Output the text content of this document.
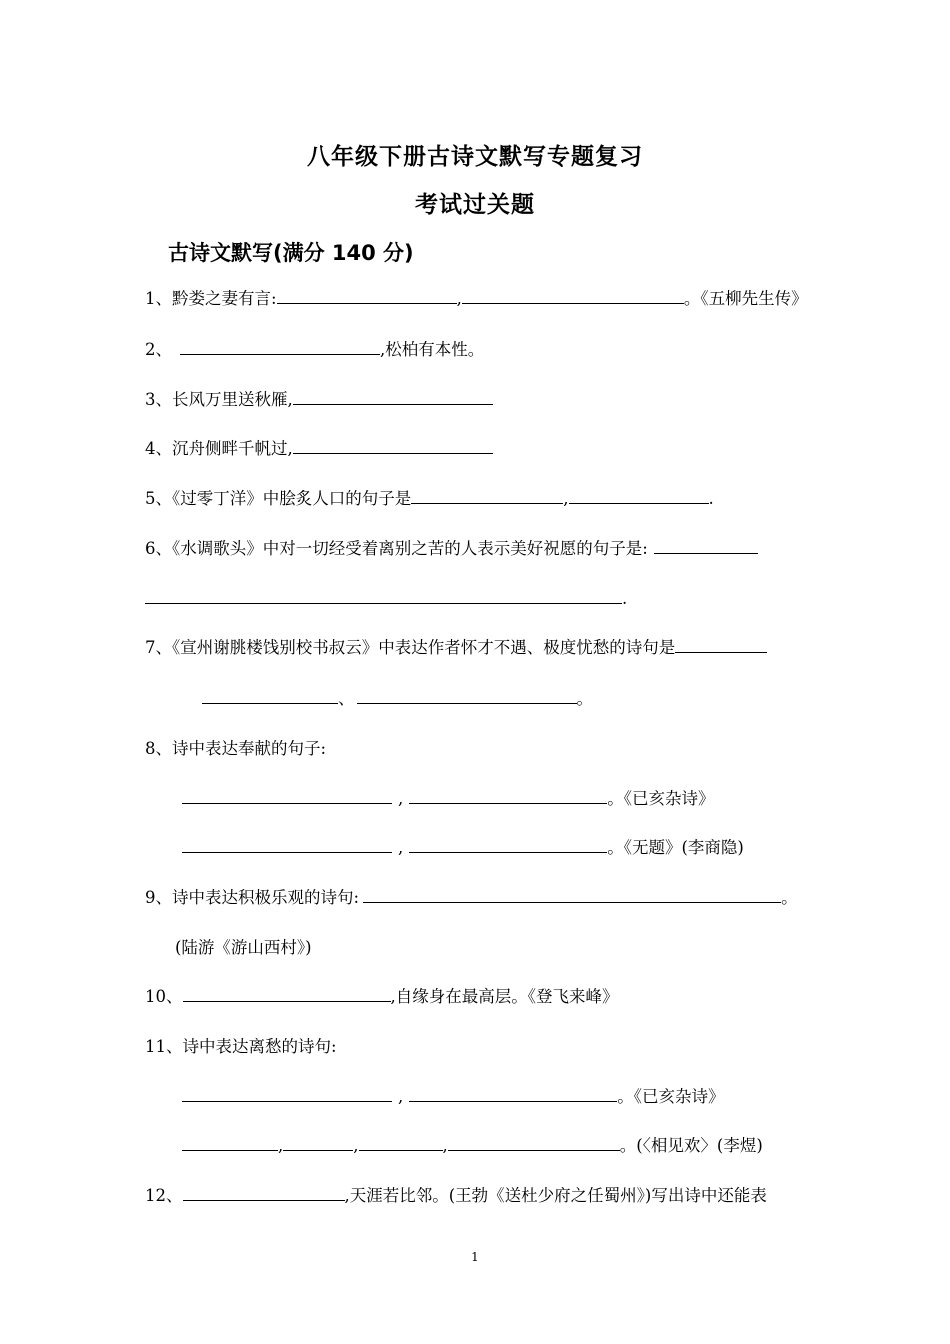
八年级下册古诗文默写专题复习
考试过关题
古诗文默写(满分 140 分)
1、黔娄之妻有言:	,	。《五柳先生传》
2、	,松柏有本性。
3、长风万里送秋雁,
4、沉舟侧畔千帆过,
5、《过零丁洋》中脍炙人口的句子是	,	.
6、《水调歌头》中对一切经受着离别之苦的人表示美好祝愿的句子是:
.
7、《宣州谢朓楼饯别校书叔云》中表达作者怀才不遇、极度忧愁的诗句是
、	。
8、诗中表达奉献的句子:
,	。《已亥杂诗》
,	。《无题》(李商隐)
9、诗中表达积极乐观的诗句:	。
(陆游《游山西村》)
10、	,自缘身在最高层。《登飞来峰》
11、诗中表达离愁的诗句:
,	。《已亥杂诗》
,	,	,	。(〈相见欢〉(李煜)
12、	,天涯若比邻。(王勃《送杜少府之任蜀州》)写出诗中还能表
1
